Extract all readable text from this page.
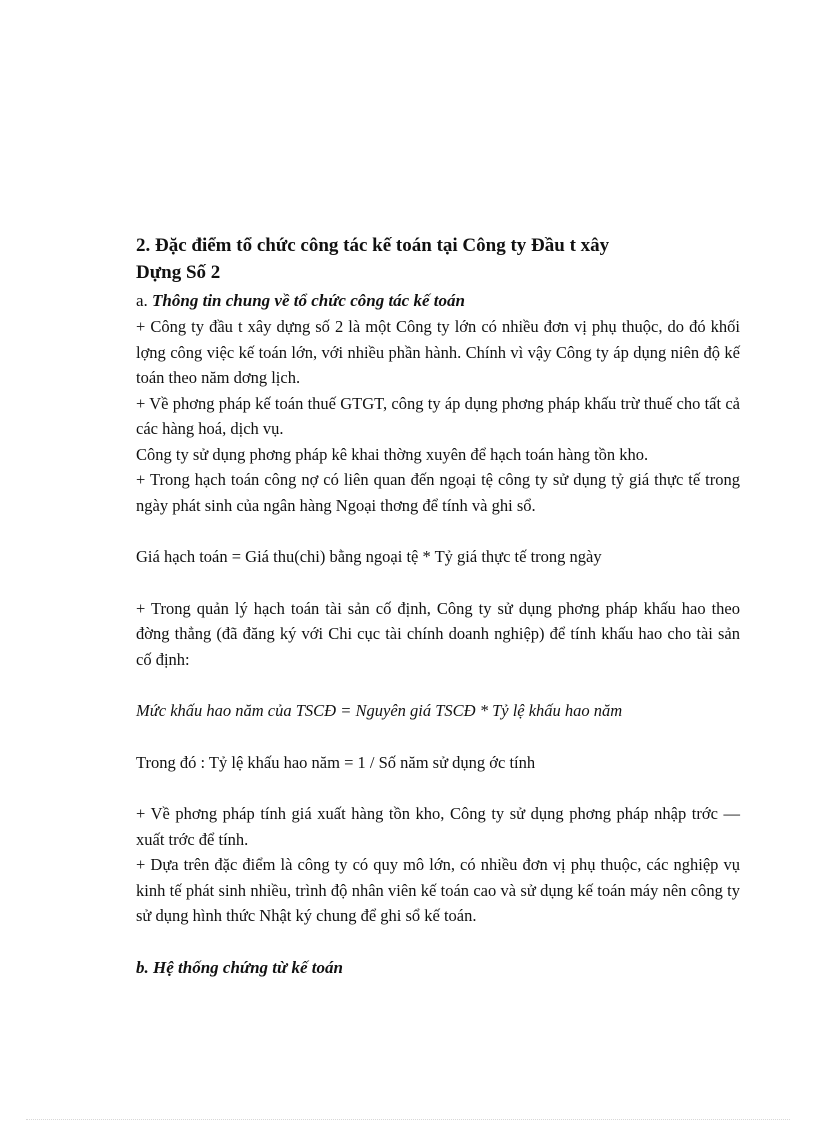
2. Đặc điểm tổ chức công tác kế toán tại Công ty Đầu t xây
Dựng Số 2

a. Thông tin chung về tổ chức công tác kế toán

+ Công ty đầu t xây dựng số 2 là một Công ty lớn có nhiều đơn vị phụ thuộc, do đó khối lợng công việc kế toán lớn, với nhiều phần hành. Chính vì vậy Công ty áp dụng niên độ kế toán theo năm dơng lịch.

+ Về phơng pháp kế toán thuế GTGT, công ty áp dụng phơng pháp khấu trừ thuế cho tất cả các hàng hoá, dịch vụ.

Công ty sử dụng phơng pháp kê khai thờng xuyên để hạch toán hàng tồn kho.

+ Trong hạch toán công nợ có liên quan đến ngoại tệ công ty sử dụng tỷ giá thực tế trong ngày phát sinh của ngân hàng Ngoại thơng để tính và ghi sổ.

Giá hạch toán = Giá thu(chi) bằng ngoại tệ * Tỷ giá thực tế trong ngày

+ Trong quản lý hạch toán tài sản cố định, Công ty sử dụng phơng pháp khấu hao theo đờng thẳng (đã đăng ký với Chi cục tài chính doanh nghiệp) để tính khấu hao cho tài sản cố định:

Mức khấu hao năm của TSCĐ = Nguyên giá TSCĐ * Tỷ lệ khấu hao năm

Trong đó : Tỷ lệ khấu hao năm = 1 / Số năm sử dụng ớc tính

+ Về phơng pháp tính giá xuất hàng tồn kho, Công ty sử dụng phơng pháp nhập trớc — xuất trớc để tính.

+ Dựa trên đặc điểm là công ty có quy mô lớn, có nhiều đơn vị phụ thuộc, các nghiệp vụ kinh tế phát sinh nhiều, trình độ nhân viên kế toán cao và sử dụng kế toán máy nên công ty sử dụng hình thức Nhật ký chung để ghi sổ kế toán.

b. Hệ thống chứng từ kế toán
